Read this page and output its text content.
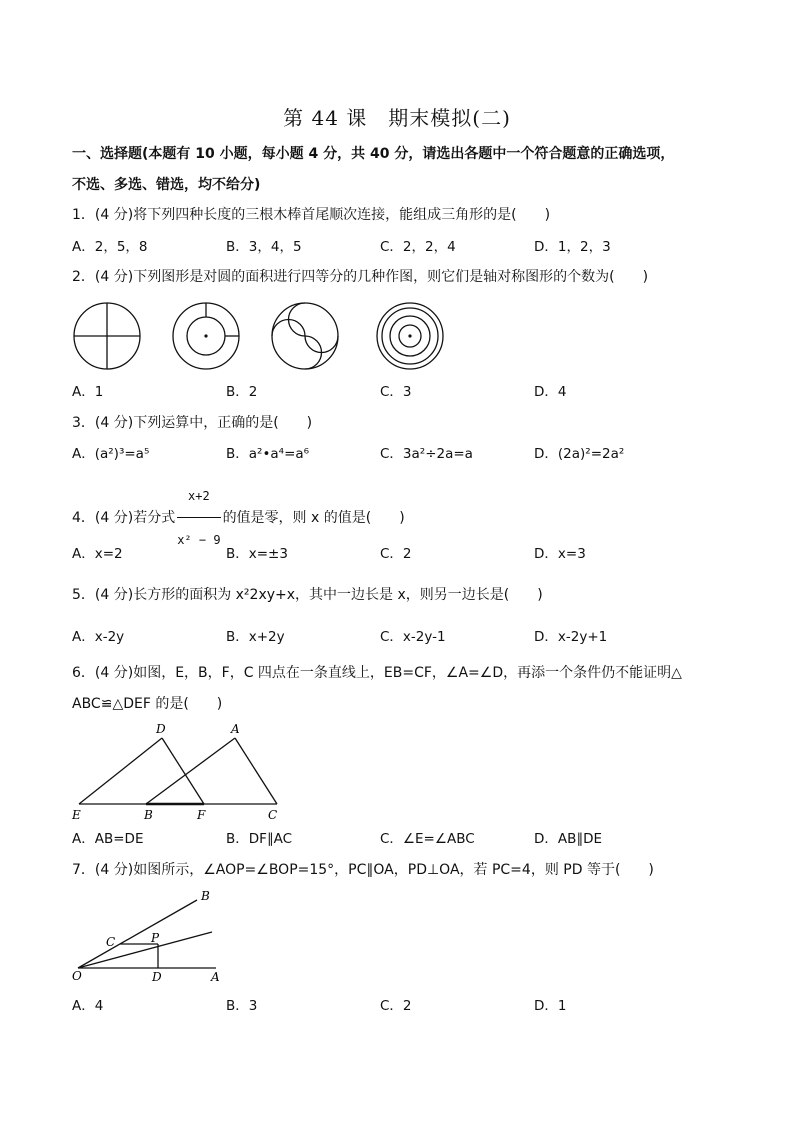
第 44 课　期末模拟(二)
一、选择题(本题有 10 小题，每小题 4 分，共 40 分，请选出各题中一个符合题意的正确选项，
不选、多选、错选，均不给分)
1．(4 分)将下列四种长度的三根木棒首尾顺次连接，能组成三角形的是(　　)
A．2，5，8	B．3，4，5	C．2，2，4	D．1，2，3
2．(4 分)下列图形是对圆的面积进行四等分的几种作图，则它们是轴对称图形的个数为(　　)
A．1	B．2	C．3	D．4
3．(4 分)下列运算中，正确的是(　　)
A．(a²)³=a⁵	B．a²•a⁴=a⁶	C．3a²÷2a=a	D．(2a)²=2a²
4．(4 分)若分式 $\frac{x+2}{\text{x² − 9}}$ 的值是零，则 x 的值是(　　)
A．x=2	B．x=±3	C．2	D．x=3
5．(4 分)长方形的面积为 x²2xy+x，其中一边长是 x，则另一边长是(　　)
A．x-2y	B．x+2y	C．x-2y-1	D．x-2y+1
6．(4 分)如图，E，B，F，C 四点在一条直线上，EB=CF，∠A=∠D，再添一个条件仍不能证明△
ABC≌△DEF 的是(　　)
D	A
E	B	F	C
A．AB=DE	B．DF∥AC	C．∠E=∠ABC	D．AB∥DE
7．(4 分)如图所示，∠AOP=∠BOP=15°，PC∥OA，PD⊥OA，若 PC=4，则 PD 等于(　　)
B
C	P
O	D	A
A．4	B．3	C．2	D．1
